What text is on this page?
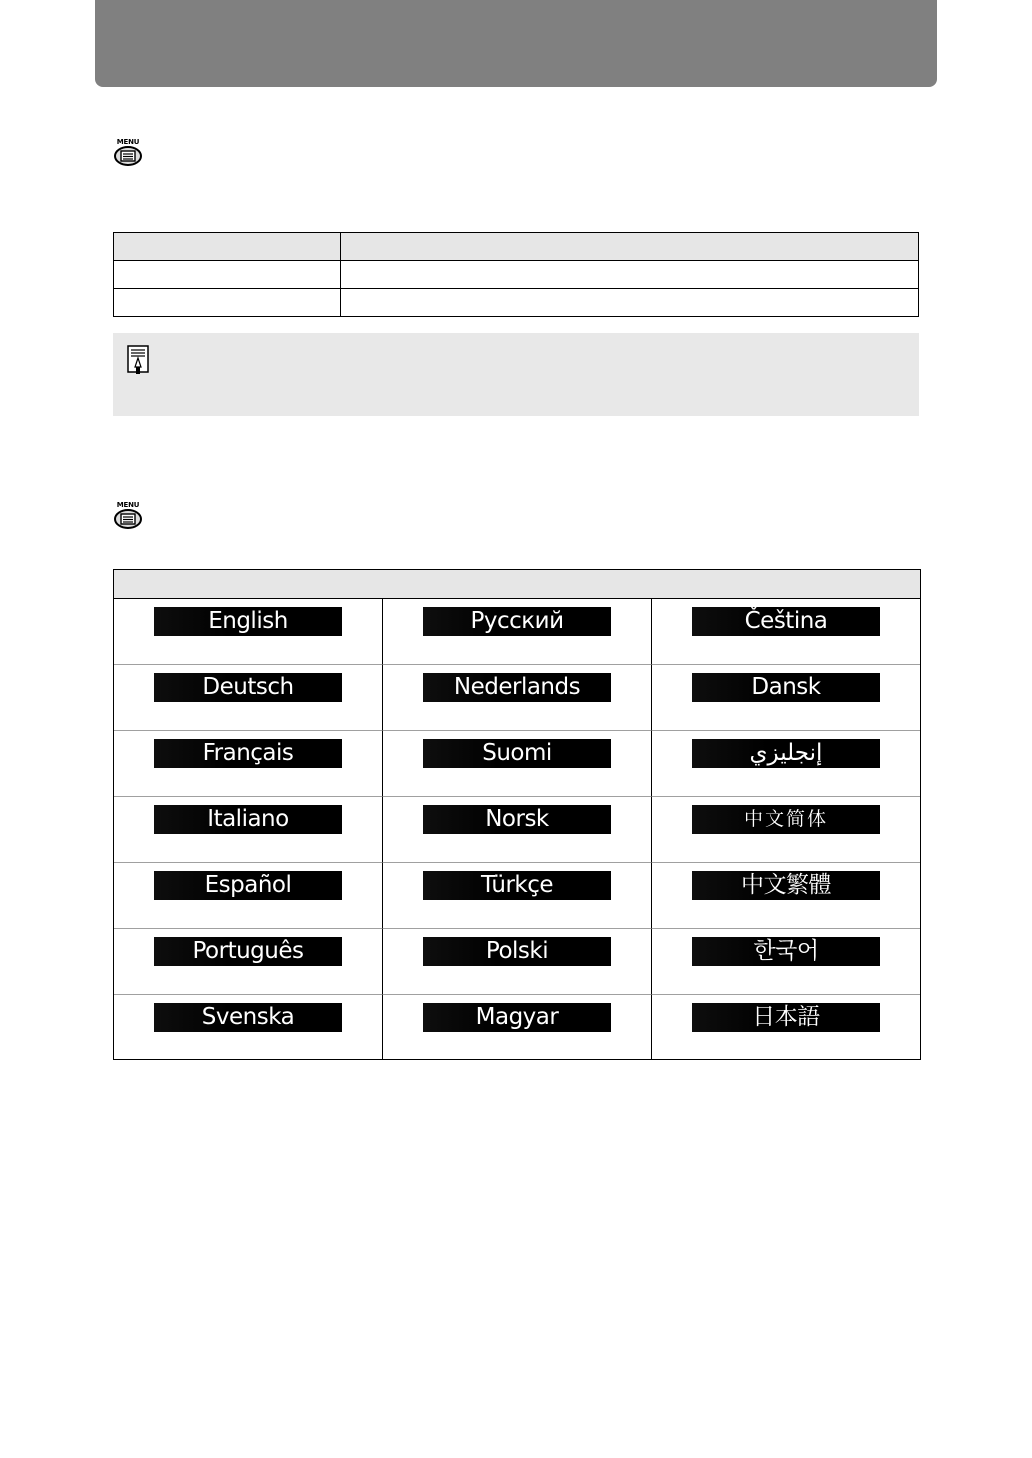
MENU

MENU
English	Русский	Čeština
Deutsch	Nederlands	Dansk
Français	Suomi	إنجليزي
Italiano	Norsk	中文简体
Español	Türkçe	中文繁體
Português	Polski	한국어
Svenska	Magyar	日本語
